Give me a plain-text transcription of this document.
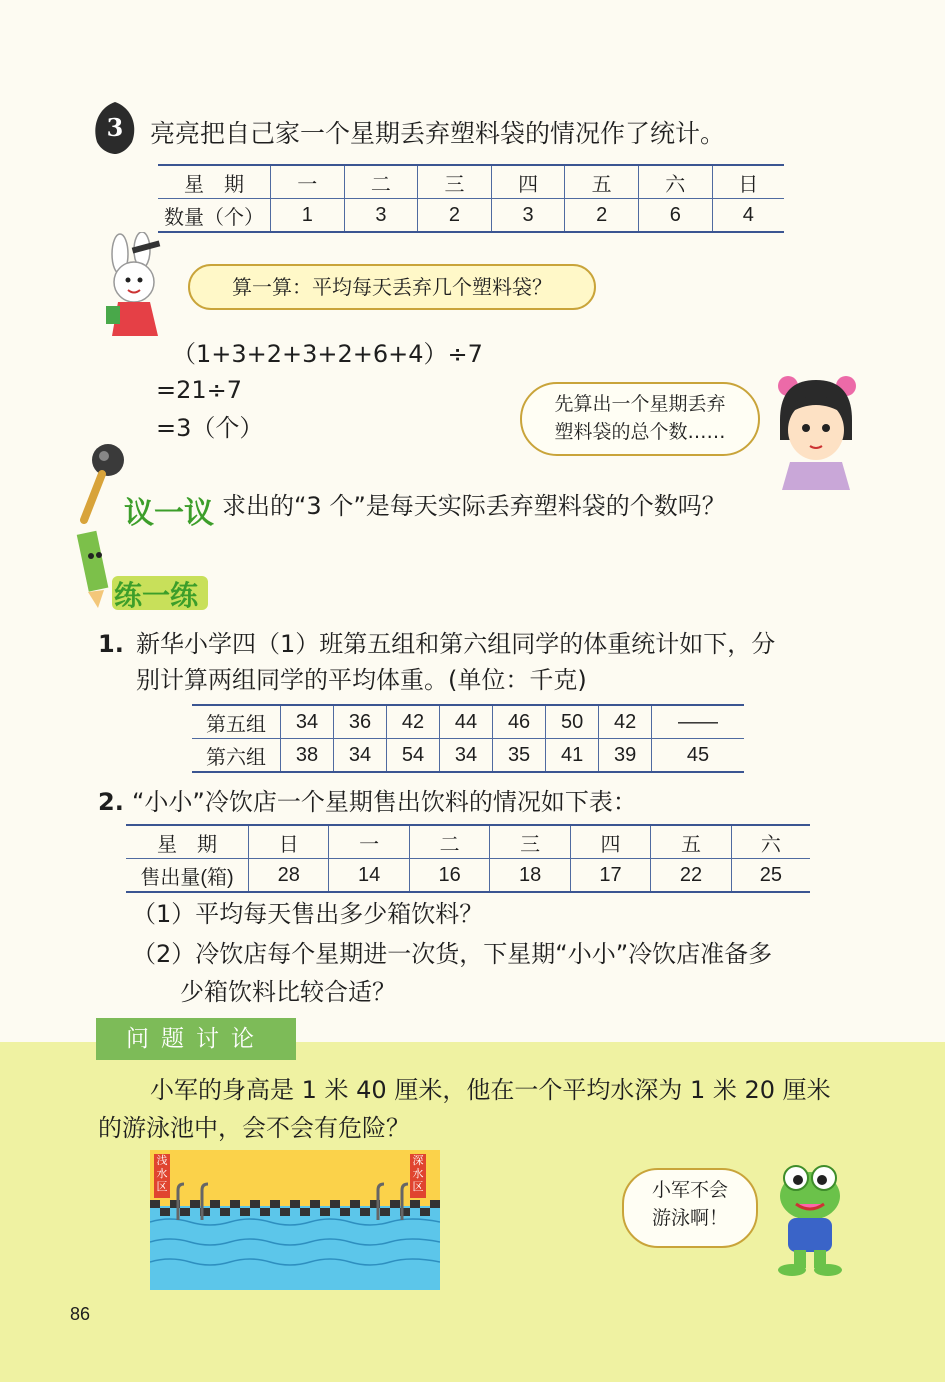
3 亮亮把自己家一个星期丢弃塑料袋的情况作了统计。
星　期	一	二	三	四	五	六	日
数量（个）	1	3	2	3	2	6	4
算一算：平均每天丢弃几个塑料袋？
（1+3+2+3+2+6+4）÷7
=21÷7
=3（个）
先算出一个星期丢弃
塑料袋的总个数……
议一议 求出的“3 个”是每天实际丢弃塑料袋的个数吗？
练一练
1. 新华小学四（1）班第五组和第六组同学的体重统计如下，分
别计算两组同学的平均体重。(单位：千克)
第五组	34	36	42	44	46	50	42	——
第六组	38	34	54	34	35	41	39	45
2. “小小”冷饮店一个星期售出饮料的情况如下表：
星　期	日	一	二	三	四	五	六
售出量(箱)	28	14	16	18	17	22	25
（1）平均每天售出多少箱饮料？
（2）冷饮店每个星期进一次货，下星期“小小”冷饮店准备多
少箱饮料比较合适？
问题讨论
小军的身高是 1 米 40 厘米，他在一个平均水深为 1 米 20 厘米
的游泳池中，会不会有危险？
浅水区
深水区	小军不会
游泳啊！
86
